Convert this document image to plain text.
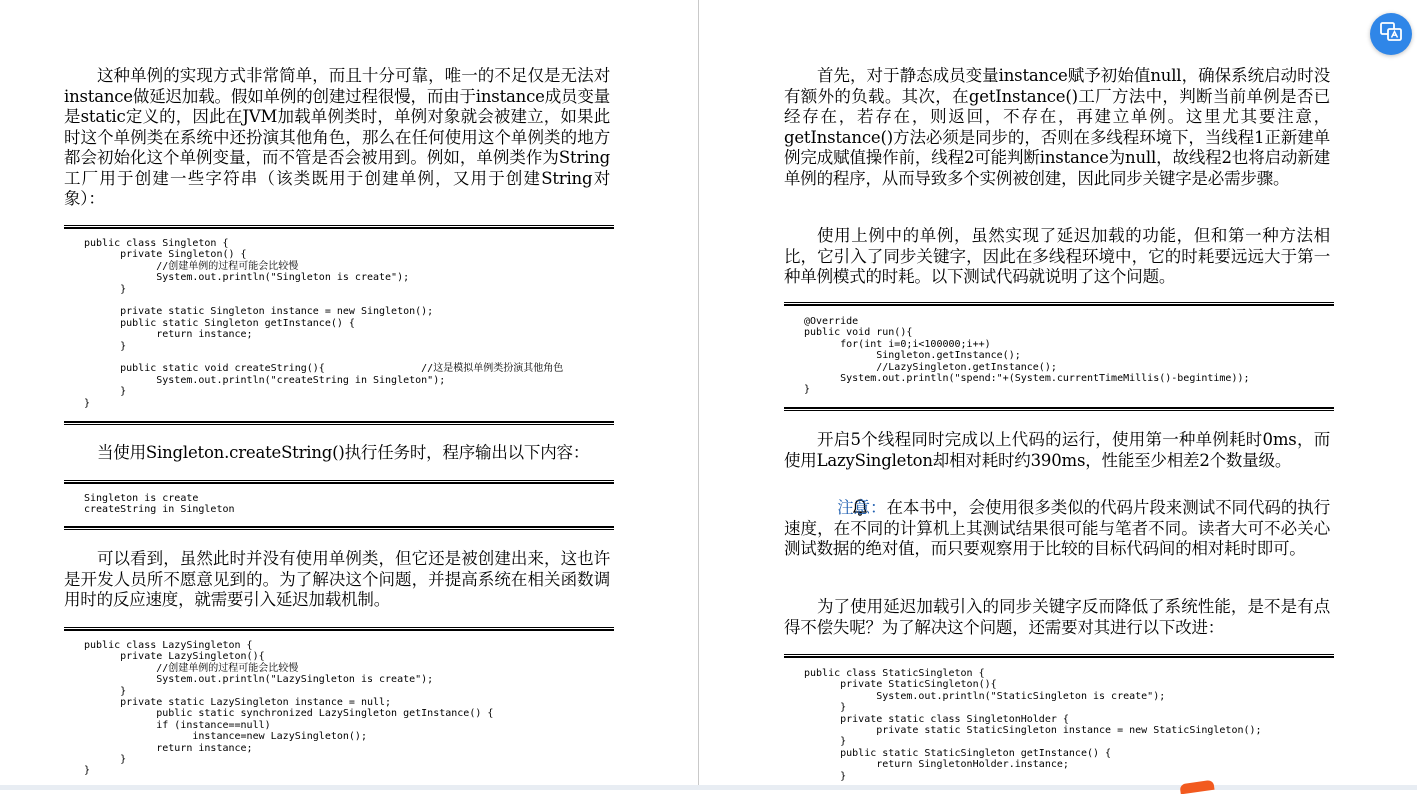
这种单例的实现方式非常简单，而且十分可靠，唯一的不足仅是无法对instance做延迟加载。假如单例的创建过程很慢，而由于instance成员变量是static定义的，因此在JVM加载单例类时，单例对象就会被建立，如果此时这个单例类在系统中还扮演其他角色，那么在任何使用这个单例类的地方都会初始化这个单例变量，而不管是否会被用到。例如，单例类作为String工厂用于创建一些字符串（该类既用于创建单例，又用于创建String对象）：

public class Singleton {
private Singleton() {
//创建单例的过程可能会比较慢
System.out.println("Singleton is create");
}

private static Singleton instance = new Singleton();
public static Singleton getInstance() {
return instance;
}

public static void createString(){                //这是模拟单例类扮演其他角色
System.out.println("createString in Singleton");
}
}

当使用Singleton.createString()执行任务时，程序输出以下内容：

Singleton is create
createString in Singleton

可以看到，虽然此时并没有使用单例类，但它还是被创建出来，这也许是开发人员所不愿意见到的。为了解决这个问题，并提高系统在相关函数调用时的反应速度，就需要引入延迟加载机制。

public class LazySingleton {
private LazySingleton(){
//创建单例的过程可能会比较慢
System.out.println("LazySingleton is create");
}
private static LazySingleton instance = null;
public static synchronized LazySingleton getInstance() {
if (instance==null)
instance=new LazySingleton();
return instance;
}
}

首先，对于静态成员变量instance赋予初始值null，确保系统启动时没有额外的负载。其次，在getInstance()工厂方法中，判断当前单例是否已经存在，若存在，则返回，不存在，再建立单例。这里尤其要注意，getInstance()方法必须是同步的，否则在多线程环境下，当线程1正新建单例完成赋值操作前，线程2可能判断instance为null，故线程2也将启动新建单例的程序，从而导致多个实例被创建，因此同步关键字是必需步骤。

使用上例中的单例，虽然实现了延迟加载的功能，但和第一种方法相比，它引入了同步关键字，因此在多线程环境中，它的时耗要远远大于第一种单例模式的时耗。以下测试代码就说明了这个问题。

@Override
public void run(){
for(int i=0;i<100000;i++)
Singleton.getInstance();
//LazySingleton.getInstance();
System.out.println("spend:"+(System.currentTimeMillis()-begintime));
}

开启5个线程同时完成以上代码的运行，使用第一种单例耗时0ms，而使用LazySingleton却相对耗时约390ms，性能至少相差2个数量级。

注意：在本书中，会使用很多类似的代码片段来测试不同代码的执行速度，在不同的计算机上其测试结果很可能与笔者不同。读者大可不必关心测试数据的绝对值，而只要观察用于比较的目标代码间的相对耗时即可。

为了使用延迟加载引入的同步关键字反而降低了系统性能，是不是有点得不偿失呢？为了解决这个问题，还需要对其进行以下改进：

public class StaticSingleton {
private StaticSingleton(){
System.out.println("StaticSingleton is create");
}
private static class SingletonHolder {
private static StaticSingleton instance = new StaticSingleton();
}
public static StaticSingleton getInstance() {
return SingletonHolder.instance;
}
